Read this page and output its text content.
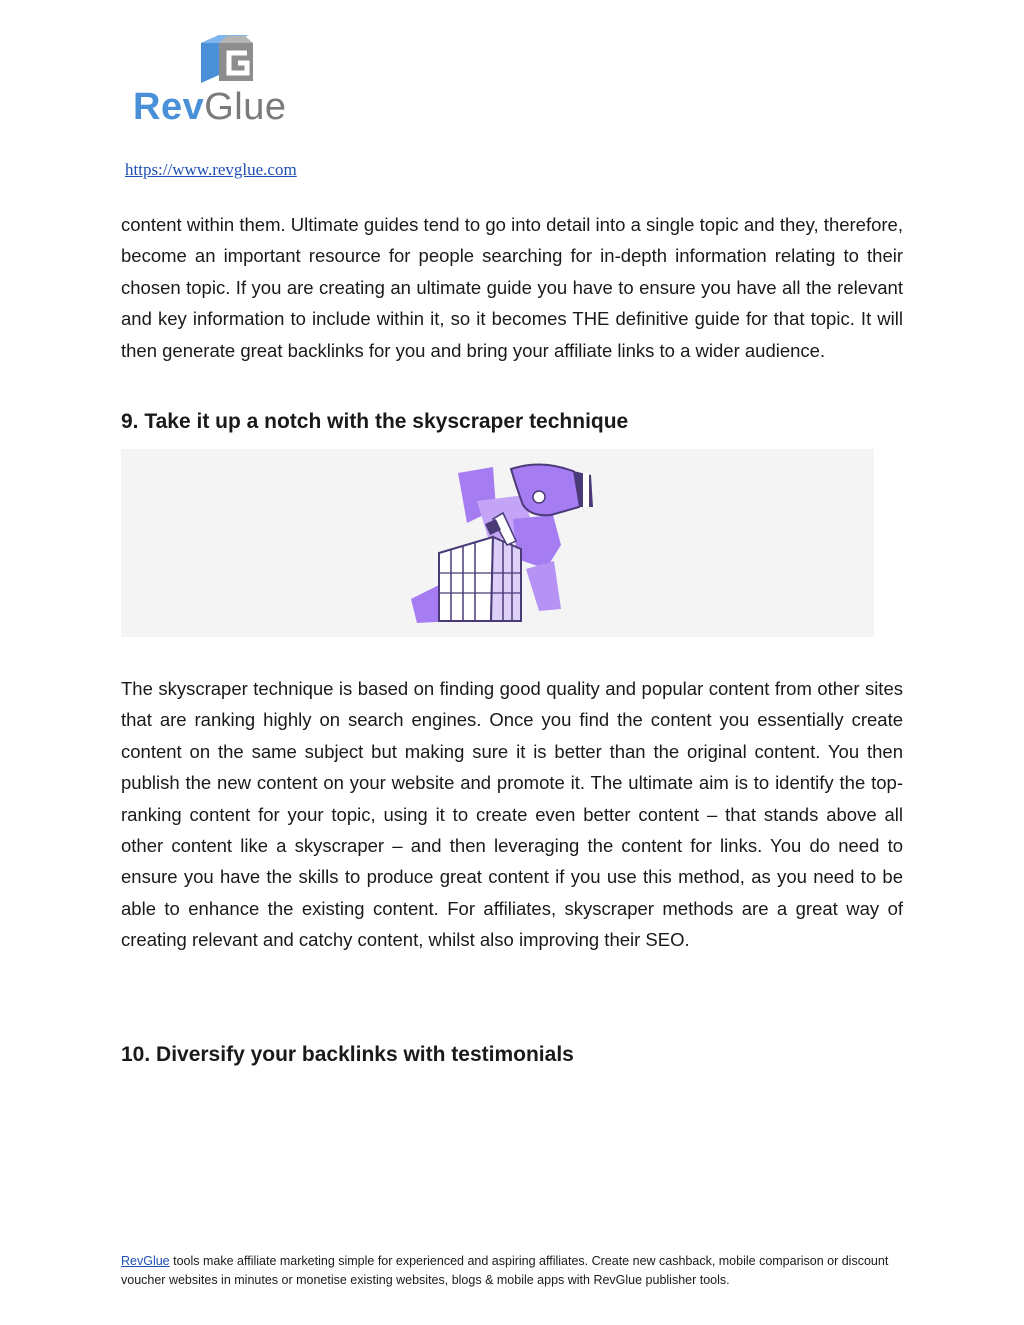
RevGlue
https://www.revglue.com

content within them. Ultimate guides tend to go into detail into a single topic and they, therefore, become an important resource for people searching for in-depth information relating to their chosen topic. If you are creating an ultimate guide you have to ensure you have all the relevant and key information to include within it, so it becomes THE definitive guide for that topic. It will then generate great backlinks for you and bring your affiliate links to a wider audience.

9. Take it up a notch with the skyscraper technique

The skyscraper technique is based on finding good quality and popular content from other sites that are ranking highly on search engines. Once you find the content you essentially create content on the same subject but making sure it is better than the original content. You then publish the new content on your website and promote it. The ultimate aim is to identify the top-ranking content for your topic, using it to create even better content – that stands above all other content like a skyscraper – and then leveraging the content for links. You do need to ensure you have the skills to produce great content if you use this method, as you need to be able to enhance the existing content. For affiliates, skyscraper methods are a great way of creating relevant and catchy content, whilst also improving their SEO.

10. Diversify your backlinks with testimonials

RevGlue tools make affiliate marketing simple for experienced and aspiring affiliates. Create new cashback, mobile comparison or discount voucher websites in minutes or monetise existing websites, blogs & mobile apps with RevGlue publisher tools.
